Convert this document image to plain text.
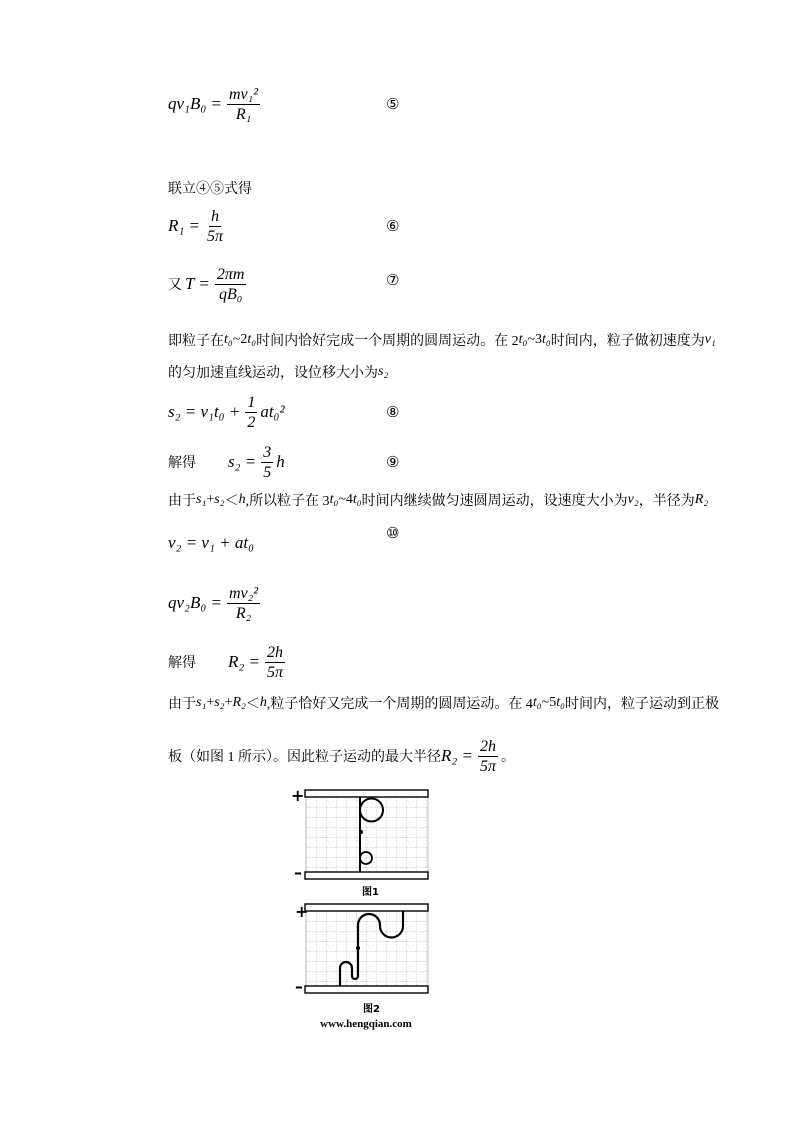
$qv_1B_0 = \frac{\text{mv₁²}}{\text{R₁}}$	⑤
联立④⑤式得
$R_1 = \frac{h}{5\pi}$	⑥
又 $T = \frac{2\pi m}{\text{qB₀}}$	⑦
即粒子在 t₀ ~2 t₀ 时间内恰好完成一个周期的圆周运动。在 2 t₀ ~3 t₀ 时间内，粒子做初速度为 v₁
的匀加速直线运动，设位移大小为 s₂
$s_2 = v_1t_0 + \frac{1}{2} at_0^2$	⑧
解得 $s_2 = \frac{3}{5}$ h	⑨
由于 s₁ + s₂ ＜ h ,所以粒子在 3 t₀ ~4 t₀ 时间内继续做匀速圆周运动，设速度大小为 v₂ ，半径为 R₂
v₂ = v₁ + at₀	⑩
$qv_2B_0 = \frac{\text{mv₂²}}{\text{R₂}}$
解得 $R_2 = \frac{2h}{5\pi}$
由于 s₁ + s₂ + R₂ ＜ h ,粒子恰好又完成一个周期的圆周运动。在 4 t₀ ~5 t₀ 时间内，粒子运动到正极
板（如图 1 所示）。因此粒子运动的最大半径 $R_2 = \frac{2h}{5\pi}$ 。
+
–
图1
+
–
图2
www.hengqian.com
